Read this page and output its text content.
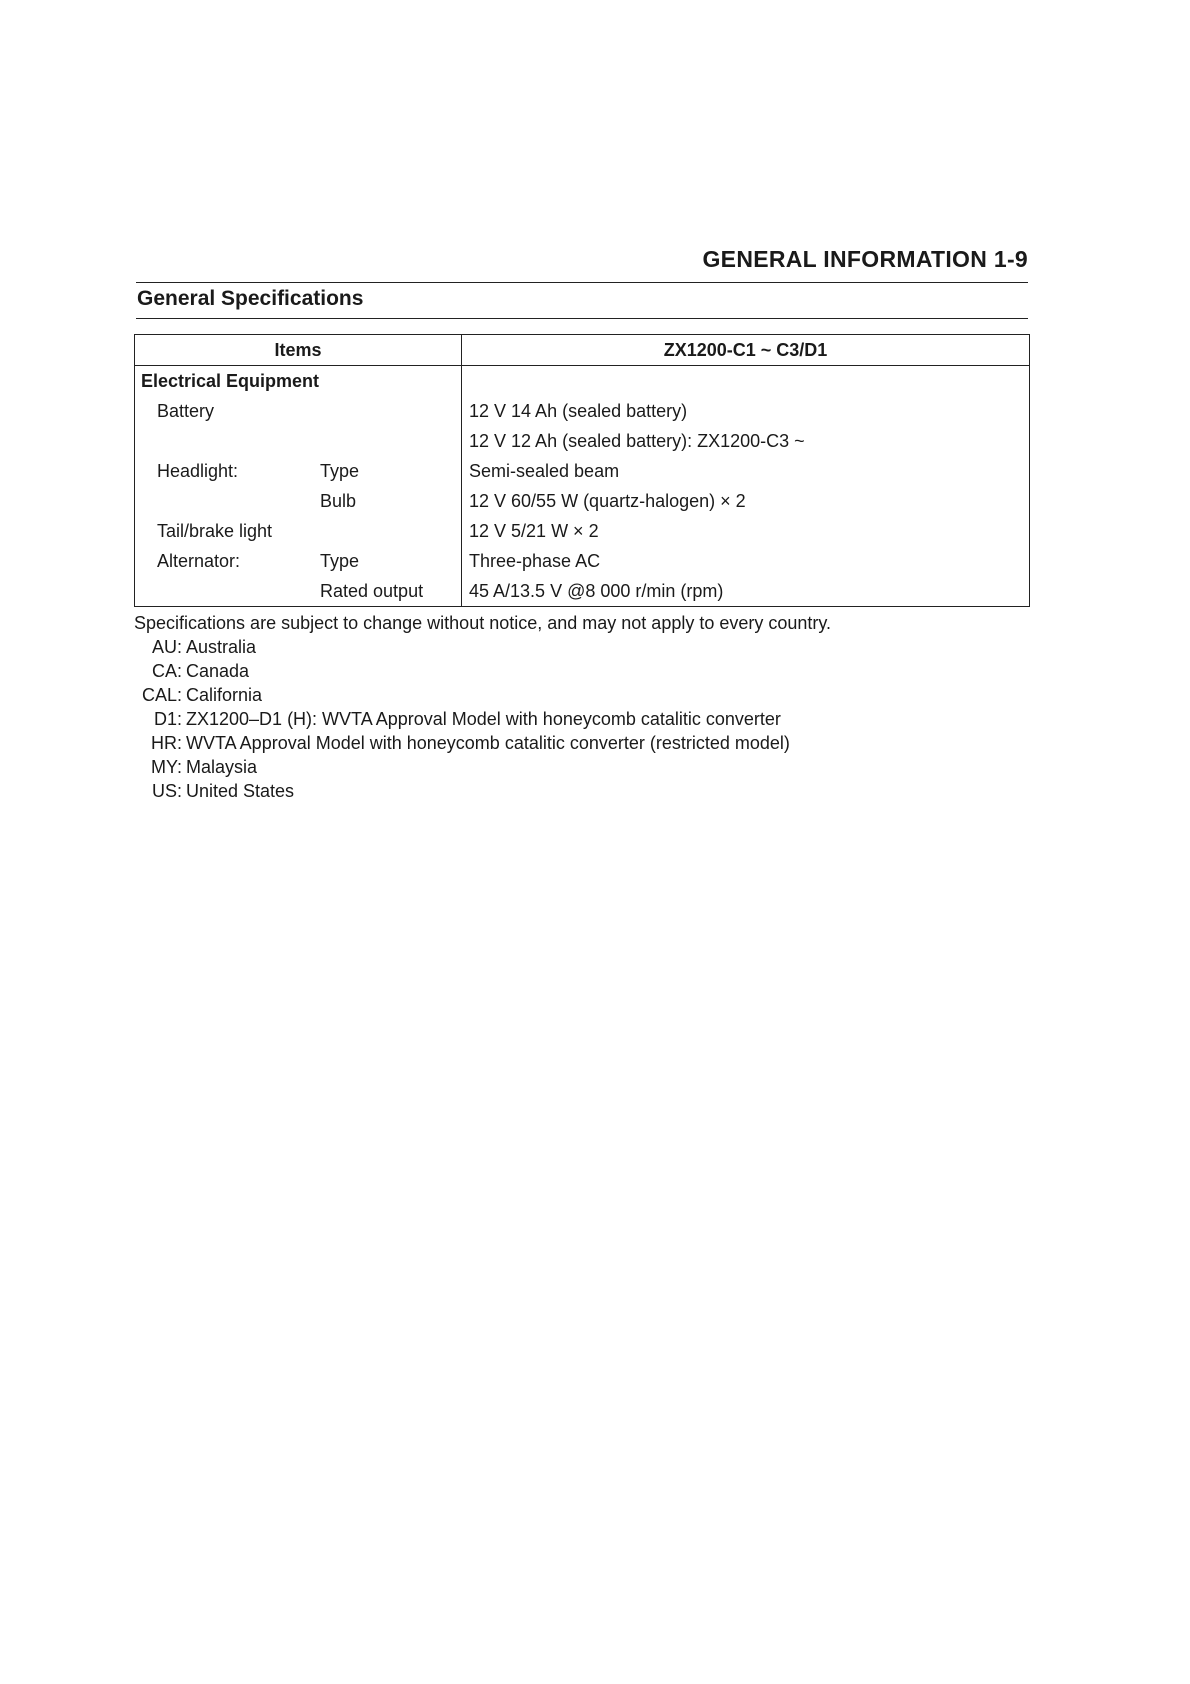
GENERAL INFORMATION 1-9
General Specifications
Items	ZX1200-C1 ~ C3/D1

Electrical Equipment	

Battery	12 V 14 Ah (sealed battery)

	12 V 12 Ah (sealed battery): ZX1200-C3 ~

Headlight: Type	Semi-sealed beam

Bulb	12 V 60/55 W (quartz-halogen) × 2

Tail/brake light	12 V 5/21 W × 2

Alternator: Type	Three-phase AC

Rated output	45 A/13.5 V @8 000 r/min (rpm)

Specifications are subject to change without notice, and may not apply to every country.

AU: Australia
CA: Canada
CAL: California
D1: ZX1200–D1 (H): WVTA Approval Model with honeycomb catalitic converter
HR: WVTA Approval Model with honeycomb catalitic converter (restricted model)
MY: Malaysia
US: United States
